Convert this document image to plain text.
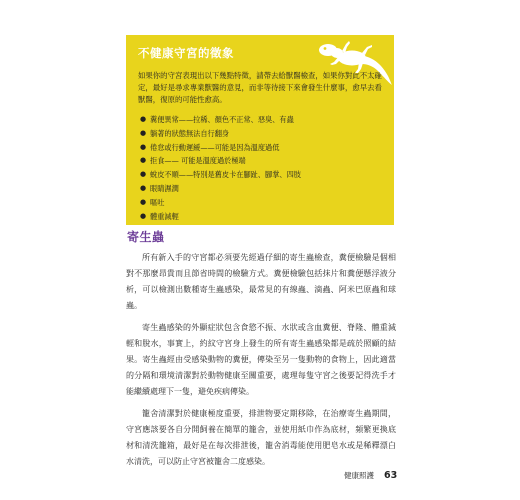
不健康守宮的徵象

如果你的守宮表現出以下幾點特徵，請帶去給獸醫檢查，如果你對此不太確定，最好是尋求專業獸醫的意見，而非等待接下來會發生什麼事，愈早去看獸醫，復原的可能性愈高。

● 糞便異常——拉稀、顏色不正常、惡臭、有蟲
● 躺著的狀態無法自行翻身
● 倦怠或行動遲緩——可能是因為溫度過低
● 拒食—— 可能是溫度過於極端
● 蛻皮不順——特別是舊皮卡在腳趾、腳掌、四肢
● 眼睛濕潤
● 嘔吐
● 體重減輕
寄生蟲

所有新入手的守宮都必須要先經過仔細的寄生蟲檢查，糞便檢驗是個相對不那麼昂貴而且節省時間的檢驗方式。糞便檢驗包括抹片和糞便懸浮液分析，可以檢測出數種寄生蟲感染，最常見的有線蟲、滴蟲、阿米巴原蟲和球蟲。

寄生蟲感染的外顯症狀包含食慾不振、水狀或含血糞便、脊隆、體重減輕和脫水，事實上，約紋守宮身上發生的所有寄生蟲感染都是疏於照顧的結果。寄生蟲經由受感染動物的糞便，傳染至另一隻動物的食物上，因此適當的分隔和環境清潔對於動物健康至關重要，處理每隻守宮之後要記得洗手才能繼續處理下一隻，避免疾病傳染。

籠舍清潔對於健康極度重要，排泄物要定期移除，在治療寄生蟲期間，守宮應該要各自分開飼養在簡單的籠舍，並使用紙巾作為底材，頻繁更換底材和清洗籠箱，最好是在每次排泄後，籠舍消毒能使用肥皂水或是稀釋漂白水清洗，可以防止守宮被籠舍二度感染。

健康照護 63
